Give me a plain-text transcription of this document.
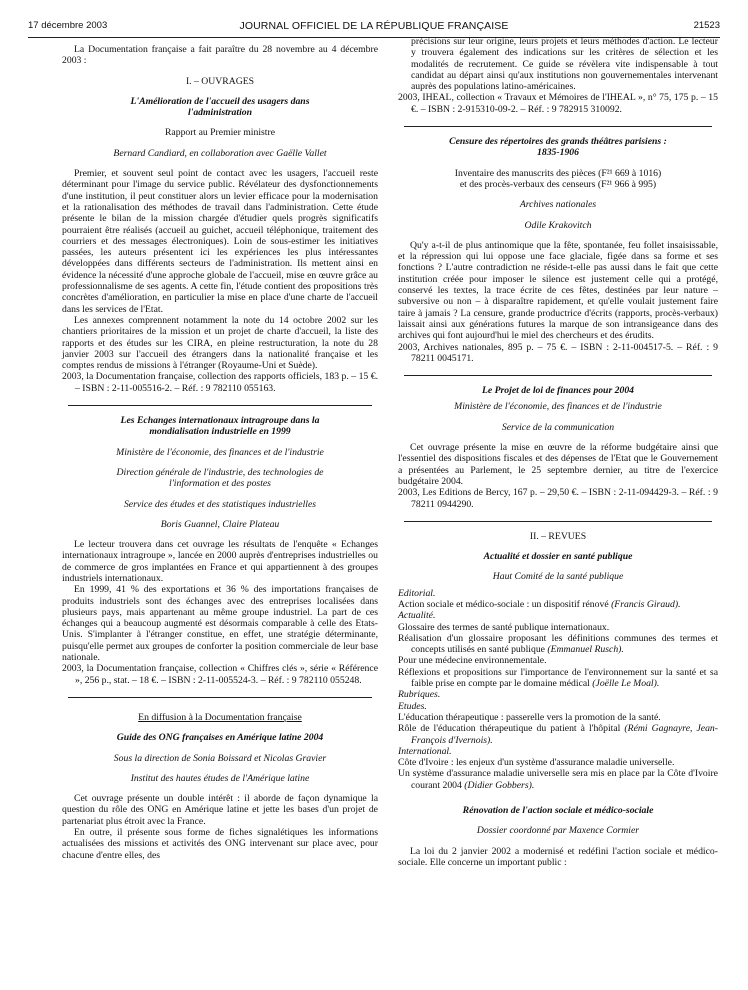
17 décembre 2003	JOURNAL OFFICIEL DE LA RÉPUBLIQUE FRANÇAISE	21523

La Documentation française a fait paraître du 28 novembre au 4 décembre 2003 :

I. – OUVRAGES

L'Amélioration de l'accueil des usagers dans l'administration

Rapport au Premier ministre

Bernard Candiard, en collaboration avec Gaëlle Vallet

Premier, et souvent seul point de contact avec les usagers, l'accueil reste déterminant pour l'image du service public. Révélateur des dysfonctionnements d'une institution, il peut constituer alors un levier efficace pour la modernisation et la rationalisation des méthodes de travail dans l'administration. Cette étude présente le bilan de la mission chargée d'étudier quels progrès significatifs pourraient être réalisés (accueil au guichet, accueil téléphonique, traitement des courriers et des messages électroniques). Loin de sous-estimer les initiatives passées, les auteurs présentent ici les expériences les plus intéressantes développées dans différents secteurs de l'administration. Ils mettent ainsi en évidence la nécessité d'une approche globale de l'accueil, mise en œuvre grâce au professionnalisme de ses agents. A cette fin, l'étude contient des propositions très concrètes d'amélioration, en particulier la mise en place d'une charte de l'accueil dans les services de l'Etat.

Les annexes comprennent notamment la note du 14 octobre 2002 sur les chantiers prioritaires de la mission et un projet de charte d'accueil, la liste des rapports et des études sur les CIRA, en pleine restructuration, la note du 28 janvier 2003 sur l'accueil des étrangers dans la nationalité française et les comptes rendus de missions à l'étranger (Royaume-Uni et Suède).

2003, la Documentation française, collection des rapports officiels, 183 p. – 15 €. – ISBN : 2-11-005516-2. – Réf. : 9 782110 055163.

Les Echanges internationaux intragroupe dans la mondialisation industrielle en 1999

Ministère de l'économie, des finances et de l'industrie

Direction générale de l'industrie, des technologies de l'information et des postes

Service des études et des statistiques industrielles

Boris Guannel, Claire Plateau

Le lecteur trouvera dans cet ouvrage les résultats de l'enquête « Echanges internationaux intragroupe », lancée en 2000 auprès d'entreprises industrielles ou de commerce de gros implantées en France et qui appartiennent à des groupes industriels internationaux.

En 1999, 41 % des exportations et 36 % des importations françaises de produits industriels sont des échanges avec des entreprises localisées dans plusieurs pays, mais appartenant au même groupe industriel. La part de ces échanges qui a beaucoup augmenté est désormais comparable à celle des Etats-Unis. S'implanter à l'étranger constitue, en effet, une stratégie déterminante, puisqu'elle permet aux groupes de conforter la position commerciale de leur base nationale.

2003, la Documentation française, collection « Chiffres clés », série « Référence », 256 p., stat. – 18 €. – ISBN : 2-11-005524-3. – Réf. : 9 782110 055248.

En diffusion à la Documentation française

Guide des ONG françaises en Amérique latine 2004

Sous la direction de Sonia Boissard et Nicolas Gravier

Institut des hautes études de l'Amérique latine

Cet ouvrage présente un double intérêt : il aborde de façon dynamique la question du rôle des ONG en Amérique latine et jette les bases d'un projet de partenariat plus étroit avec la France.

En outre, il présente sous forme de fiches signalétiques les informations actualisées des missions et activités des ONG intervenant sur place avec, pour chacune d'entre elles, des

précisions sur leur origine, leurs projets et leurs méthodes d'action. Le lecteur y trouvera également des indications sur les critères de sélection et les modalités de recrutement. Ce guide se révèlera vite indispensable à tout candidat au départ ainsi qu'aux institutions non gouvernementales intervenant auprès des populations latino-américaines.

2003, IHEAL, collection « Travaux et Mémoires de l'IHEAL », n° 75, 175 p. – 15 €. – ISBN : 2-915310-09-2. – Réf. : 9 782915 310092.

Censure des répertoires des grands théâtres parisiens : 1835-1906

Inventaire des manuscrits des pièces (F²¹ 669 à 1016)

et des procès-verbaux des censeurs (F²¹ 966 à 995)

Archives nationales

Odile Krakovitch

Qu'y a-t-il de plus antinomique que la fête, spontanée, feu follet insaisissable, et la répression qui lui oppose une face glaciale, figée dans sa forme et ses fonctions ? L'autre contradiction ne réside-t-elle pas aussi dans le fait que cette institution créée pour imposer le silence est justement celle qui a protégé, conservé les textes, la trace écrite de ces fêtes, destinées par leur nature – subversive ou non – à disparaître rapidement, et qu'elle voulait justement faire taire à jamais ? La censure, grande productrice d'écrits (rapports, procès-verbaux) laissait ainsi aux générations futures la marque de son intransigeance dans des archives qui font aujourd'hui le miel des chercheurs et des érudits.

2003, Archives nationales, 895 p. – 75 €. – ISBN : 2-11-004517-5. – Réf. : 9 78211 0045171.

Le Projet de loi de finances pour 2004

Ministère de l'économie, des finances et de l'industrie

Service de la communication

Cet ouvrage présente la mise en œuvre de la réforme budgétaire ainsi que l'essentiel des dispositions fiscales et des dépenses de l'Etat que le Gouvernement a présentées au Parlement, le 25 septembre dernier, au titre de l'exercice budgétaire 2004.

2003, Les Editions de Bercy, 167 p. – 29,50 €. – ISBN : 2-11-094429-3. – Réf. : 9 78211 0944290.

II. – REVUES

Actualité et dossier en santé publique

Haut Comité de la santé publique

Editorial.

Action sociale et médico-sociale : un dispositif rénové (Francis Giraud).

Actualité.

Glossaire des termes de santé publique internationaux.

Réalisation d'un glossaire proposant les définitions communes des termes et concepts utilisés en santé publique (Emmanuel Rusch).

Pour une médecine environnementale.

Réflexions et propositions sur l'importance de l'environnement sur la santé et sa faible prise en compte par le domaine médical (Joëlle Le Moal).

Rubriques.

Etudes.

L'éducation thérapeutique : passerelle vers la promotion de la santé.

Rôle de l'éducation thérapeutique du patient à l'hôpital (Rémi Gagnayre, Jean-François d'Ivernois).

International.

Côte d'Ivoire : les enjeux d'un système d'assurance maladie universelle.

Un système d'assurance maladie universelle sera mis en place par la Côte d'Ivoire courant 2004 (Didier Gobbers).

Rénovation de l'action sociale et médico-sociale

Dossier coordonné par Maxence Cormier

La loi du 2 janvier 2002 a modernisé et redéfini l'action sociale et médico-sociale. Elle concerne un important public :
